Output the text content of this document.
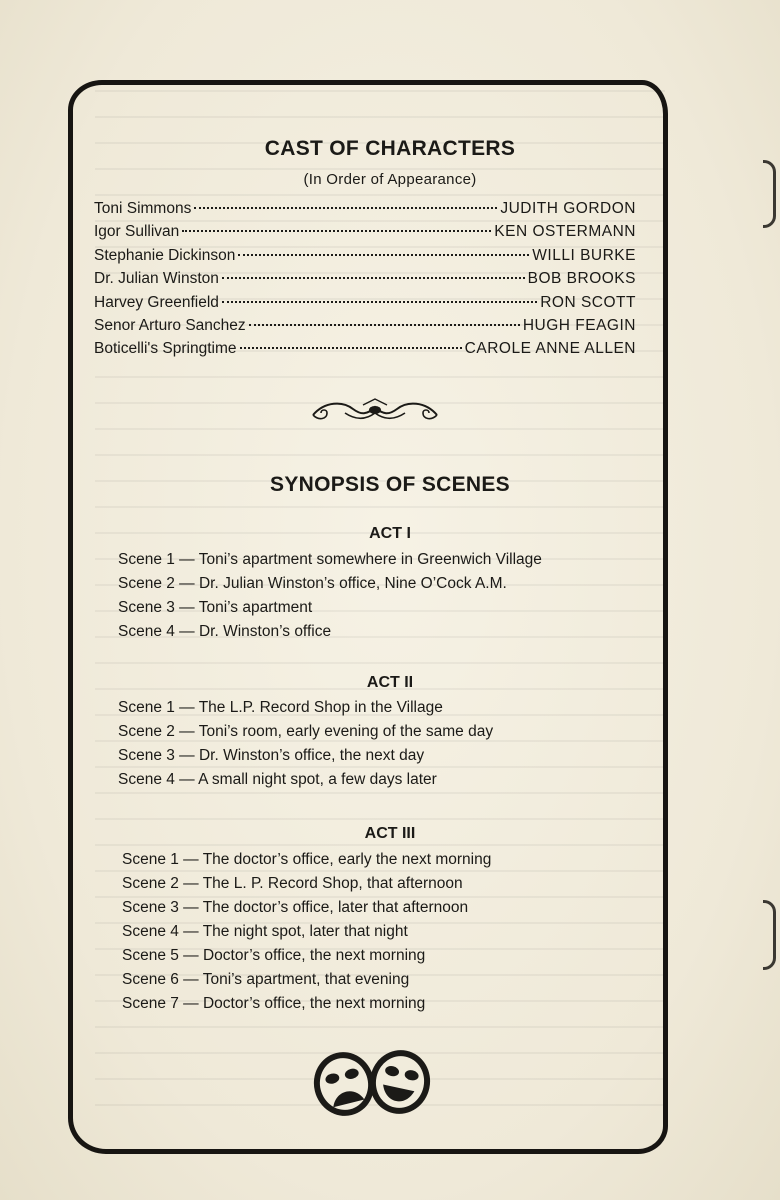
CAST OF CHARACTERS
(In Order of Appearance)
Toni Simmons	JUDITH GORDON
Igor Sullivan	KEN OSTERMANN
Stephanie Dickinson	WILLI BURKE
Dr. Julian Winston	BOB BROOKS
Harvey Greenfield	RON SCOTT
Senor Arturo Sanchez	HUGH FEAGIN
Boticelli's Springtime	CAROLE ANNE ALLEN
SYNOPSIS OF SCENES
ACT I
Scene 1 — Toni’s apartment somewhere in Greenwich Village
Scene 2 — Dr. Julian Winston’s office, Nine O’Cock A.M.
Scene 3 — Toni’s apartment
Scene 4 — Dr. Winston’s office
ACT II
Scene 1 — The L.P. Record Shop in the Village
Scene 2 — Toni’s room, early evening of the same day
Scene 3 — Dr. Winston’s office, the next day
Scene 4 — A small night spot, a few days later
ACT III
Scene 1 — The doctor’s office, early the next morning
Scene 2 — The L. P. Record Shop, that afternoon
Scene 3 — The doctor’s office, later that afternoon
Scene 4 — The night spot, later that night
Scene 5 — Doctor’s office, the next morning
Scene 6 — Toni’s apartment, that evening
Scene 7 — Doctor’s office, the next morning
